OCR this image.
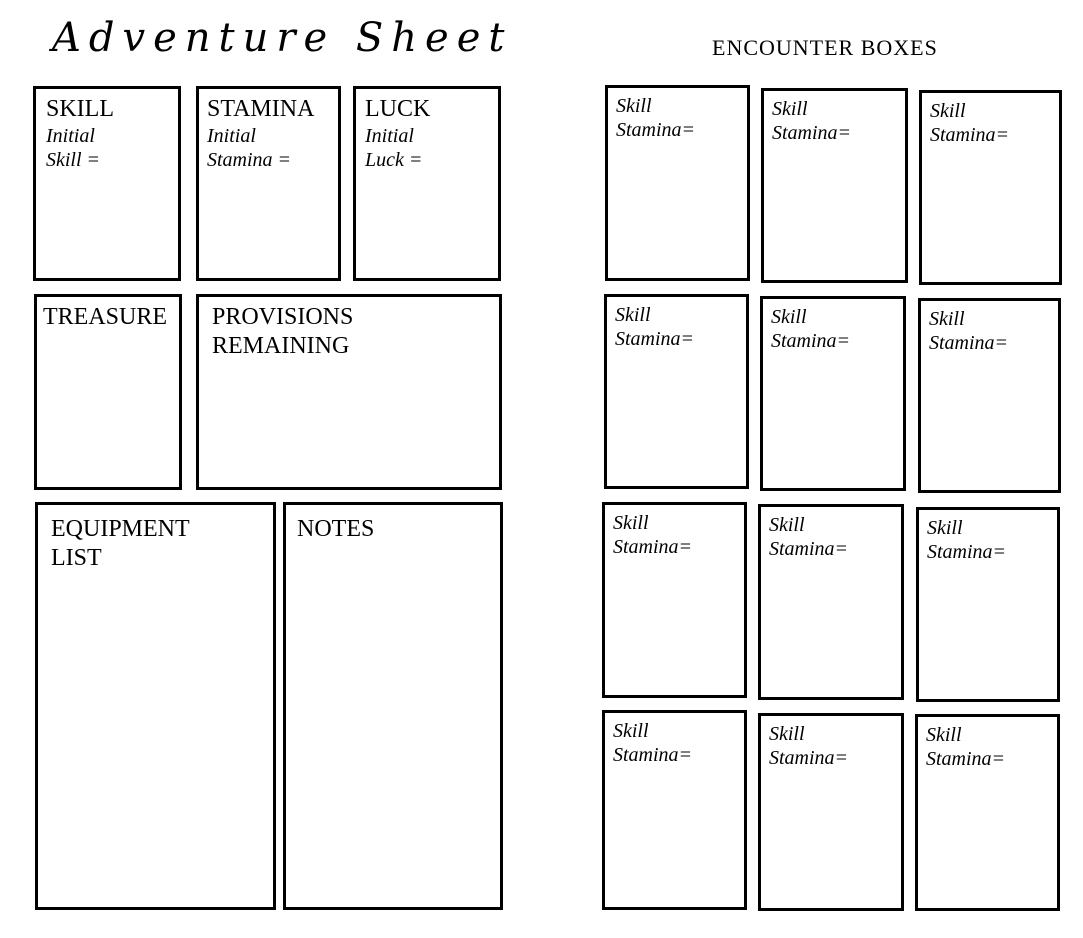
Adventure Sheet	ENCOUNTER BOXES
SKILL
Initial
Skill =
STAMINA
Initial
Stamina =
LUCK
Initial
Luck =
TREASURE	PROVISIONS
REMAINING
EQUIPMENT
LIST
NOTES
Skill
Stamina=
Skill
Stamina=
Skill
Stamina=
Skill
Stamina=
Skill
Stamina=
Skill
Stamina=
Skill
Stamina=
Skill
Stamina=
Skill
Stamina=
Skill
Stamina=
Skill
Stamina=
Skill
Stamina=
